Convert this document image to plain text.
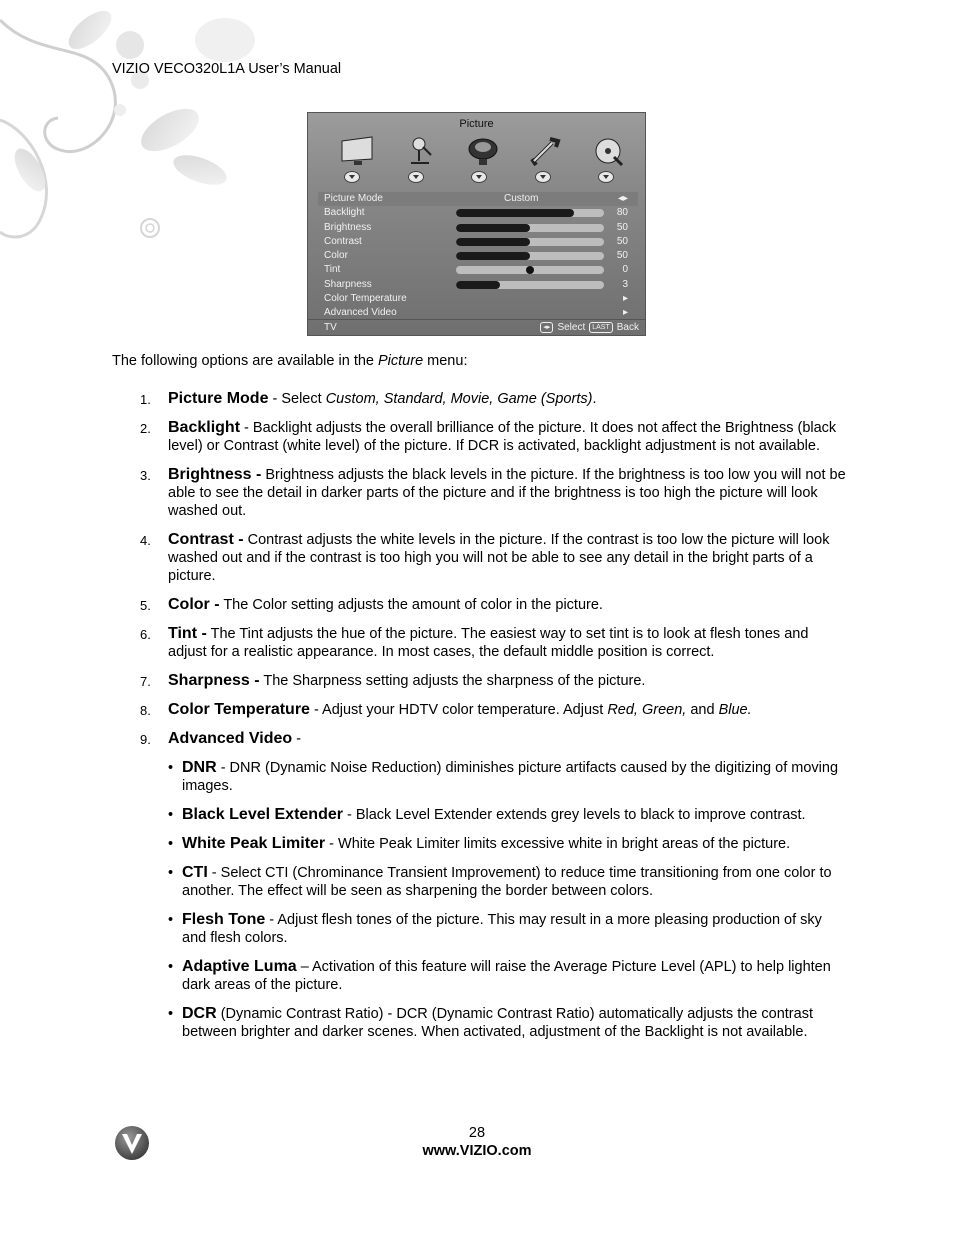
VIZIO VECO320L1A User’s Manual
Picture
Picture Mode	Custom	◂▸
Backlight	80
Brightness	50
Contrast	50
Color	50
Tint	0
Sharpness	3
Color Temperature	▸
Advanced Video	▸
TV	◂▸ Select	LAST Back
The following options are available in the Picture menu:
1. Picture Mode - Select Custom, Standard, Movie, Game (Sports).
2. Backlight - Backlight adjusts the overall brilliance of the picture. It does not affect the Brightness (black level) or Contrast (white level) of the picture. If DCR is activated, backlight adjustment is not available.
3. Brightness - Brightness adjusts the black levels in the picture. If the brightness is too low you will not be able to see the detail in darker parts of the picture and if the brightness is too high the picture will look washed out.
4. Contrast - Contrast adjusts the white levels in the picture. If the contrast is too low the picture will look washed out and if the contrast is too high you will not be able to see any detail in the bright parts of a picture.
5. Color - The Color setting adjusts the amount of color in the picture.
6. Tint - The Tint adjusts the hue of the picture. The easiest way to set tint is to look at flesh tones and adjust for a realistic appearance. In most cases, the default middle position is correct.
7. Sharpness - The Sharpness setting adjusts the sharpness of the picture.
8. Color Temperature - Adjust your HDTV color temperature. Adjust Red, Green, and Blue.
9. Advanced Video -
• DNR - DNR (Dynamic Noise Reduction) diminishes picture artifacts caused by the digitizing of moving images.
• Black Level Extender - Black Level Extender extends grey levels to black to improve contrast.
• White Peak Limiter - White Peak Limiter limits excessive white in bright areas of the picture.
• CTI - Select CTI (Chrominance Transient Improvement) to reduce time transitioning from one color to another. The effect will be seen as sharpening the border between colors.
• Flesh Tone - Adjust flesh tones of the picture. This may result in a more pleasing production of sky and flesh colors.
• Adaptive Luma – Activation of this feature will raise the Average Picture Level (APL) to help lighten dark areas of the picture.
• DCR (Dynamic Contrast Ratio) - DCR (Dynamic Contrast Ratio) automatically adjusts the contrast between brighter and darker scenes. When activated, adjustment of the Backlight is not available.
28
www.VIZIO.com
